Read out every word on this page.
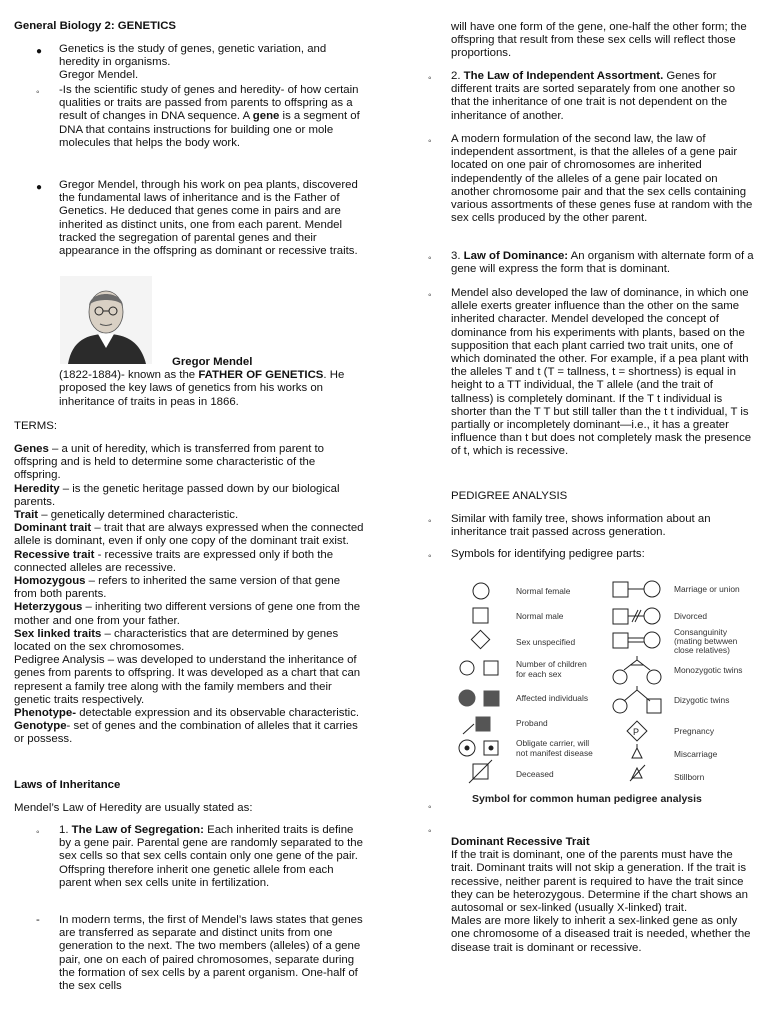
General Biology 2: GENETICS

● Genetics is the study of genes, genetic variation, and heredity in organisms.

Gregor Mendel.

◦ -Is the scientific study of genes and heredity- of how certain qualities or traits are passed from parents to offspring as a result of changes in DNA sequence. A gene is a segment of DNA that contains instructions for building one or mole molecules that helps the body work.
● Gregor Mendel, through his work on pea plants, discovered the fundamental laws of inheritance and is the Father of Genetics. He deduced that genes come in pairs and are inherited as distinct units, one from each parent. Mendel tracked the segregation of parental genes and their appearance in the offspring as dominant or recessive traits.

Gregor Mendel

(1822-1884)- known as the FATHER OF GENETICS. He proposed the key laws of genetics from his works on inheritance of traits in peas in 1866.

TERMS:

Genes – a unit of heredity, which is transferred from parent to offspring and is held to determine some characteristic of the offspring.

Heredity – is the genetic heritage passed down by our biological parents.

Trait – genetically determined characteristic.

Dominant trait – trait that are always expressed when the connected allele is dominant, even if only one copy of the dominant trait exist.

Recessive trait - recessive traits are expressed only if both the connected alleles are recessive.

Homozygous – refers to inherited the same version of that gene from both parents.

Heterzygous – inheriting two different versions of gene one from the mother and one from your father.

Sex linked traits – characteristics that are determined by genes located on the sex chromosomes.

Pedigree Analysis – was developed to understand the inheritance of genes from parents to offspring. It was developed as a chart that can represent a family tree along with the family members and their genetic traits respectively.

Phenotype- detectable expression and its observable characteristic.

Genotype- set of genes and the combination of alleles that it carries or possess.

Laws of Inheritance

Mendel’s Law of Heredity are usually stated as:

◦ 1. The Law of Segregation: Each inherited traits is define by a gene pair. Parental gene are randomly separated to the sex cells so that sex cells contain only one gene of the pair. Offspring therefore inherit one genetic allele from each parent when sex cells unite in fertilization.

- In modern terms, the first of Mendel’s laws states that genes are transferred as separate and distinct units from one generation to the next. The two members (alleles) of a gene pair, one on each of paired chromosomes, separate during the formation of sex cells by a parent organism. One-half of the sex cells

will have one form of the gene, one-half the other form; the offspring that result from these sex cells will reflect those proportions.

◦ 2. The Law of Independent Assortment. Genes for different traits are sorted separately from one another so that the inheritance of one trait is not dependent on the inheritance of another.

◦ A modern formulation of the second law, the law of independent assortment, is that the alleles of a gene pair located on one pair of chromosomes are inherited independently of the alleles of a gene pair located on another chromosome pair and that the sex cells containing various assortments of these genes fuse at random with the sex cells produced by the other parent.

◦ 3. Law of Dominance: An organism with alternate form of a gene will express the form that is dominant.

◦ Mendel also developed the law of dominance, in which one allele exerts greater influence than the other on the same inherited character. Mendel developed the concept of dominance from his experiments with plants, based on the supposition that each plant carried two trait units, one of which dominated the other. For example, if a pea plant with the alleles T and t (T = tallness, t = shortness) is equal in height to a TT individual, the T allele (and the trait of tallness) is completely dominant. If the T t individual is shorter than the T T but still taller than the t t individual, T is partially or incompletely dominant—i.e., it has a greater influence than t but does not completely mask the presence of t, which is recessive.

PEDIGREE ANALYSIS

◦ Similar with family tree, shows information about an inheritance trait passed across generation.

◦ Symbols for identifying pedigree parts:

Normal female
Normal male
Sex unspecified
Number of children
for each sex
Affected individuals
Proband
Obligate carrier, will
not manifest disease
Deceased
P
Marriage or union
Divorced
Consanguinity
(mating betwwen
close relatives)
Monozygotic twins
Dizygotic twins
Pregnancy
Miscarriage
Stillborn
Symbol for common human pedigree analysis
◦
◦

Dominant Recessive Trait

If the trait is dominant, one of the parents must have the trait. Dominant traits will not skip a generation. If the trait is recessive, neither parent is required to have the trait since they can be heterozygous. Determine if the chart shows an autosomal or sex-linked (usually X-linked) trait.

Males are more likely to inherit a sex-linked gene as only one chromosome of a diseased trait is needed, whether the disease trait is dominant or recessive.
